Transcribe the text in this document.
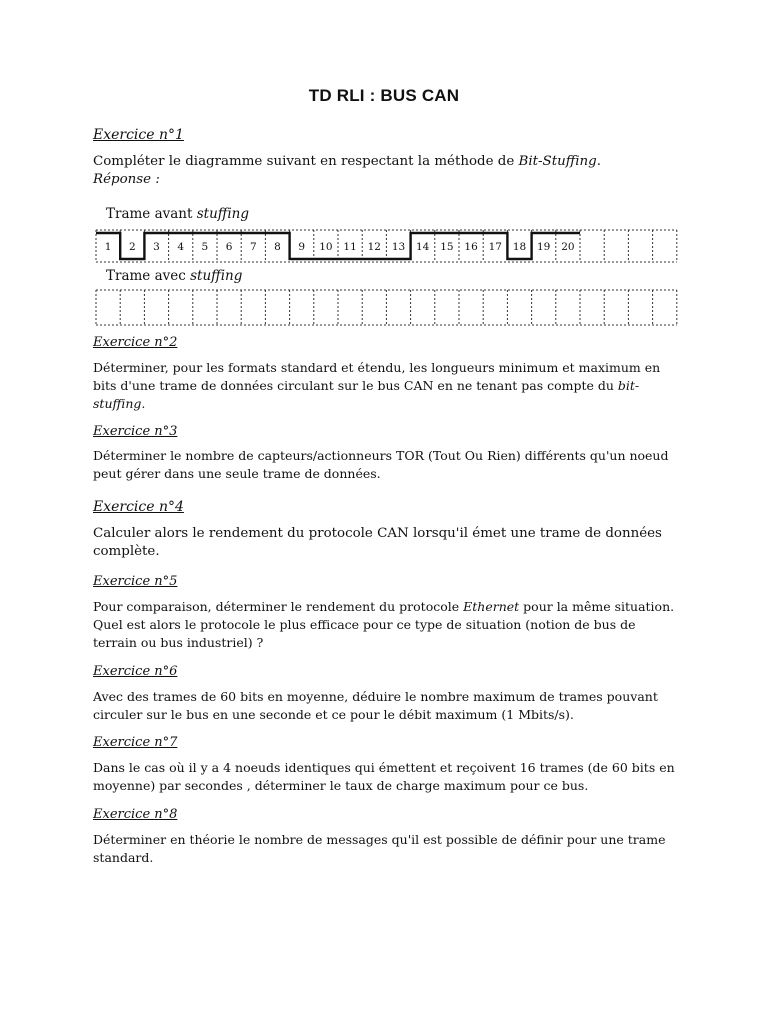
TD RLI : BUS CAN
Exercice n°1
Compléter le diagramme suivant en respectant la méthode de Bit-Stuffing.
Réponse :
Trame avant stuffing
Trame avec stuffing
1 2 3 4 5 6 7 8 9 10 11 12 13 14 15 16 17 18 19 20
Exercice n°2
Déterminer, pour les formats standard et étendu, les longueurs minimum et maximum en bits d'une trame de données circulant sur le bus CAN en ne tenant pas compte du bit-stuffing.
Exercice n°3
Déterminer le nombre de capteurs/actionneurs TOR (Tout Ou Rien) différents qu'un noeud peut gérer dans une seule trame de données.
Exercice n°4
Calculer alors le rendement du protocole CAN lorsqu'il émet une trame de données complète.
Exercice n°5
Pour comparaison, déterminer le rendement du protocole Ethernet pour la même situation. Quel est alors le protocole le plus efficace pour ce type de situation (notion de bus de terrain ou bus industriel) ?
Exercice n°6
Avec des trames de 60 bits en moyenne, déduire le nombre maximum de trames pouvant circuler sur le bus en une seconde et ce pour le débit maximum (1 Mbits/s).
Exercice n°7
Dans le cas où il y a 4 noeuds identiques qui émettent et reçoivent 16 trames (de 60 bits en moyenne) par secondes , déterminer le taux de charge maximum pour ce bus.
Exercice n°8
Déterminer en théorie le nombre de messages qu'il est possible de définir pour une trame standard.
